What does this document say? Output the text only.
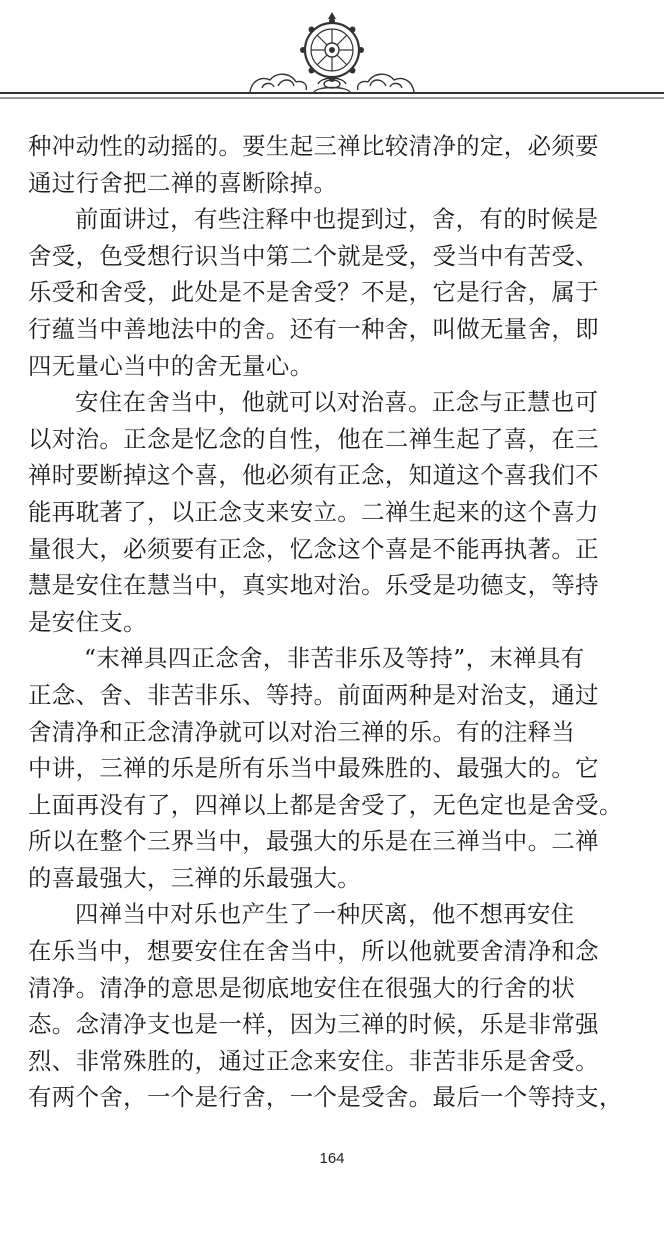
种冲动性的动摇的。要生起三禅比较清净的定，必须要
通过行舍把二禅的喜断除掉。
前面讲过，有些注释中也提到过，舍，有的时候是
舍受，色受想行识当中第二个就是受，受当中有苦受、
乐受和舍受，此处是不是舍受？不是，它是行舍，属于
行蕴当中善地法中的舍。还有一种舍，叫做无量舍，即
四无量心当中的舍无量心。
安住在舍当中，他就可以对治喜。正念与正慧也可
以对治。正念是忆念的自性，他在二禅生起了喜，在三
禅时要断掉这个喜，他必须有正念，知道这个喜我们不
能再耽著了，以正念支来安立。二禅生起来的这个喜力
量很大，必须要有正念，忆念这个喜是不能再执著。正
慧是安住在慧当中，真实地对治。乐受是功德支，等持
是安住支。
“末禅具四正念舍，非苦非乐及等持”，末禅具有
正念、舍、非苦非乐、等持。前面两种是对治支，通过
舍清净和正念清净就可以对治三禅的乐。有的注释当
中讲，三禅的乐是所有乐当中最殊胜的、最强大的。它
上面再没有了，四禅以上都是舍受了，无色定也是舍受。
所以在整个三界当中，最强大的乐是在三禅当中。二禅
的喜最强大，三禅的乐最强大。
四禅当中对乐也产生了一种厌离，他不想再安住
在乐当中，想要安住在舍当中，所以他就要舍清净和念
清净。清净的意思是彻底地安住在很强大的行舍的状
态。念清净支也是一样，因为三禅的时候，乐是非常强
烈、非常殊胜的，通过正念来安住。非苦非乐是舍受。
有两个舍，一个是行舍，一个是受舍。最后一个等持支，
164
